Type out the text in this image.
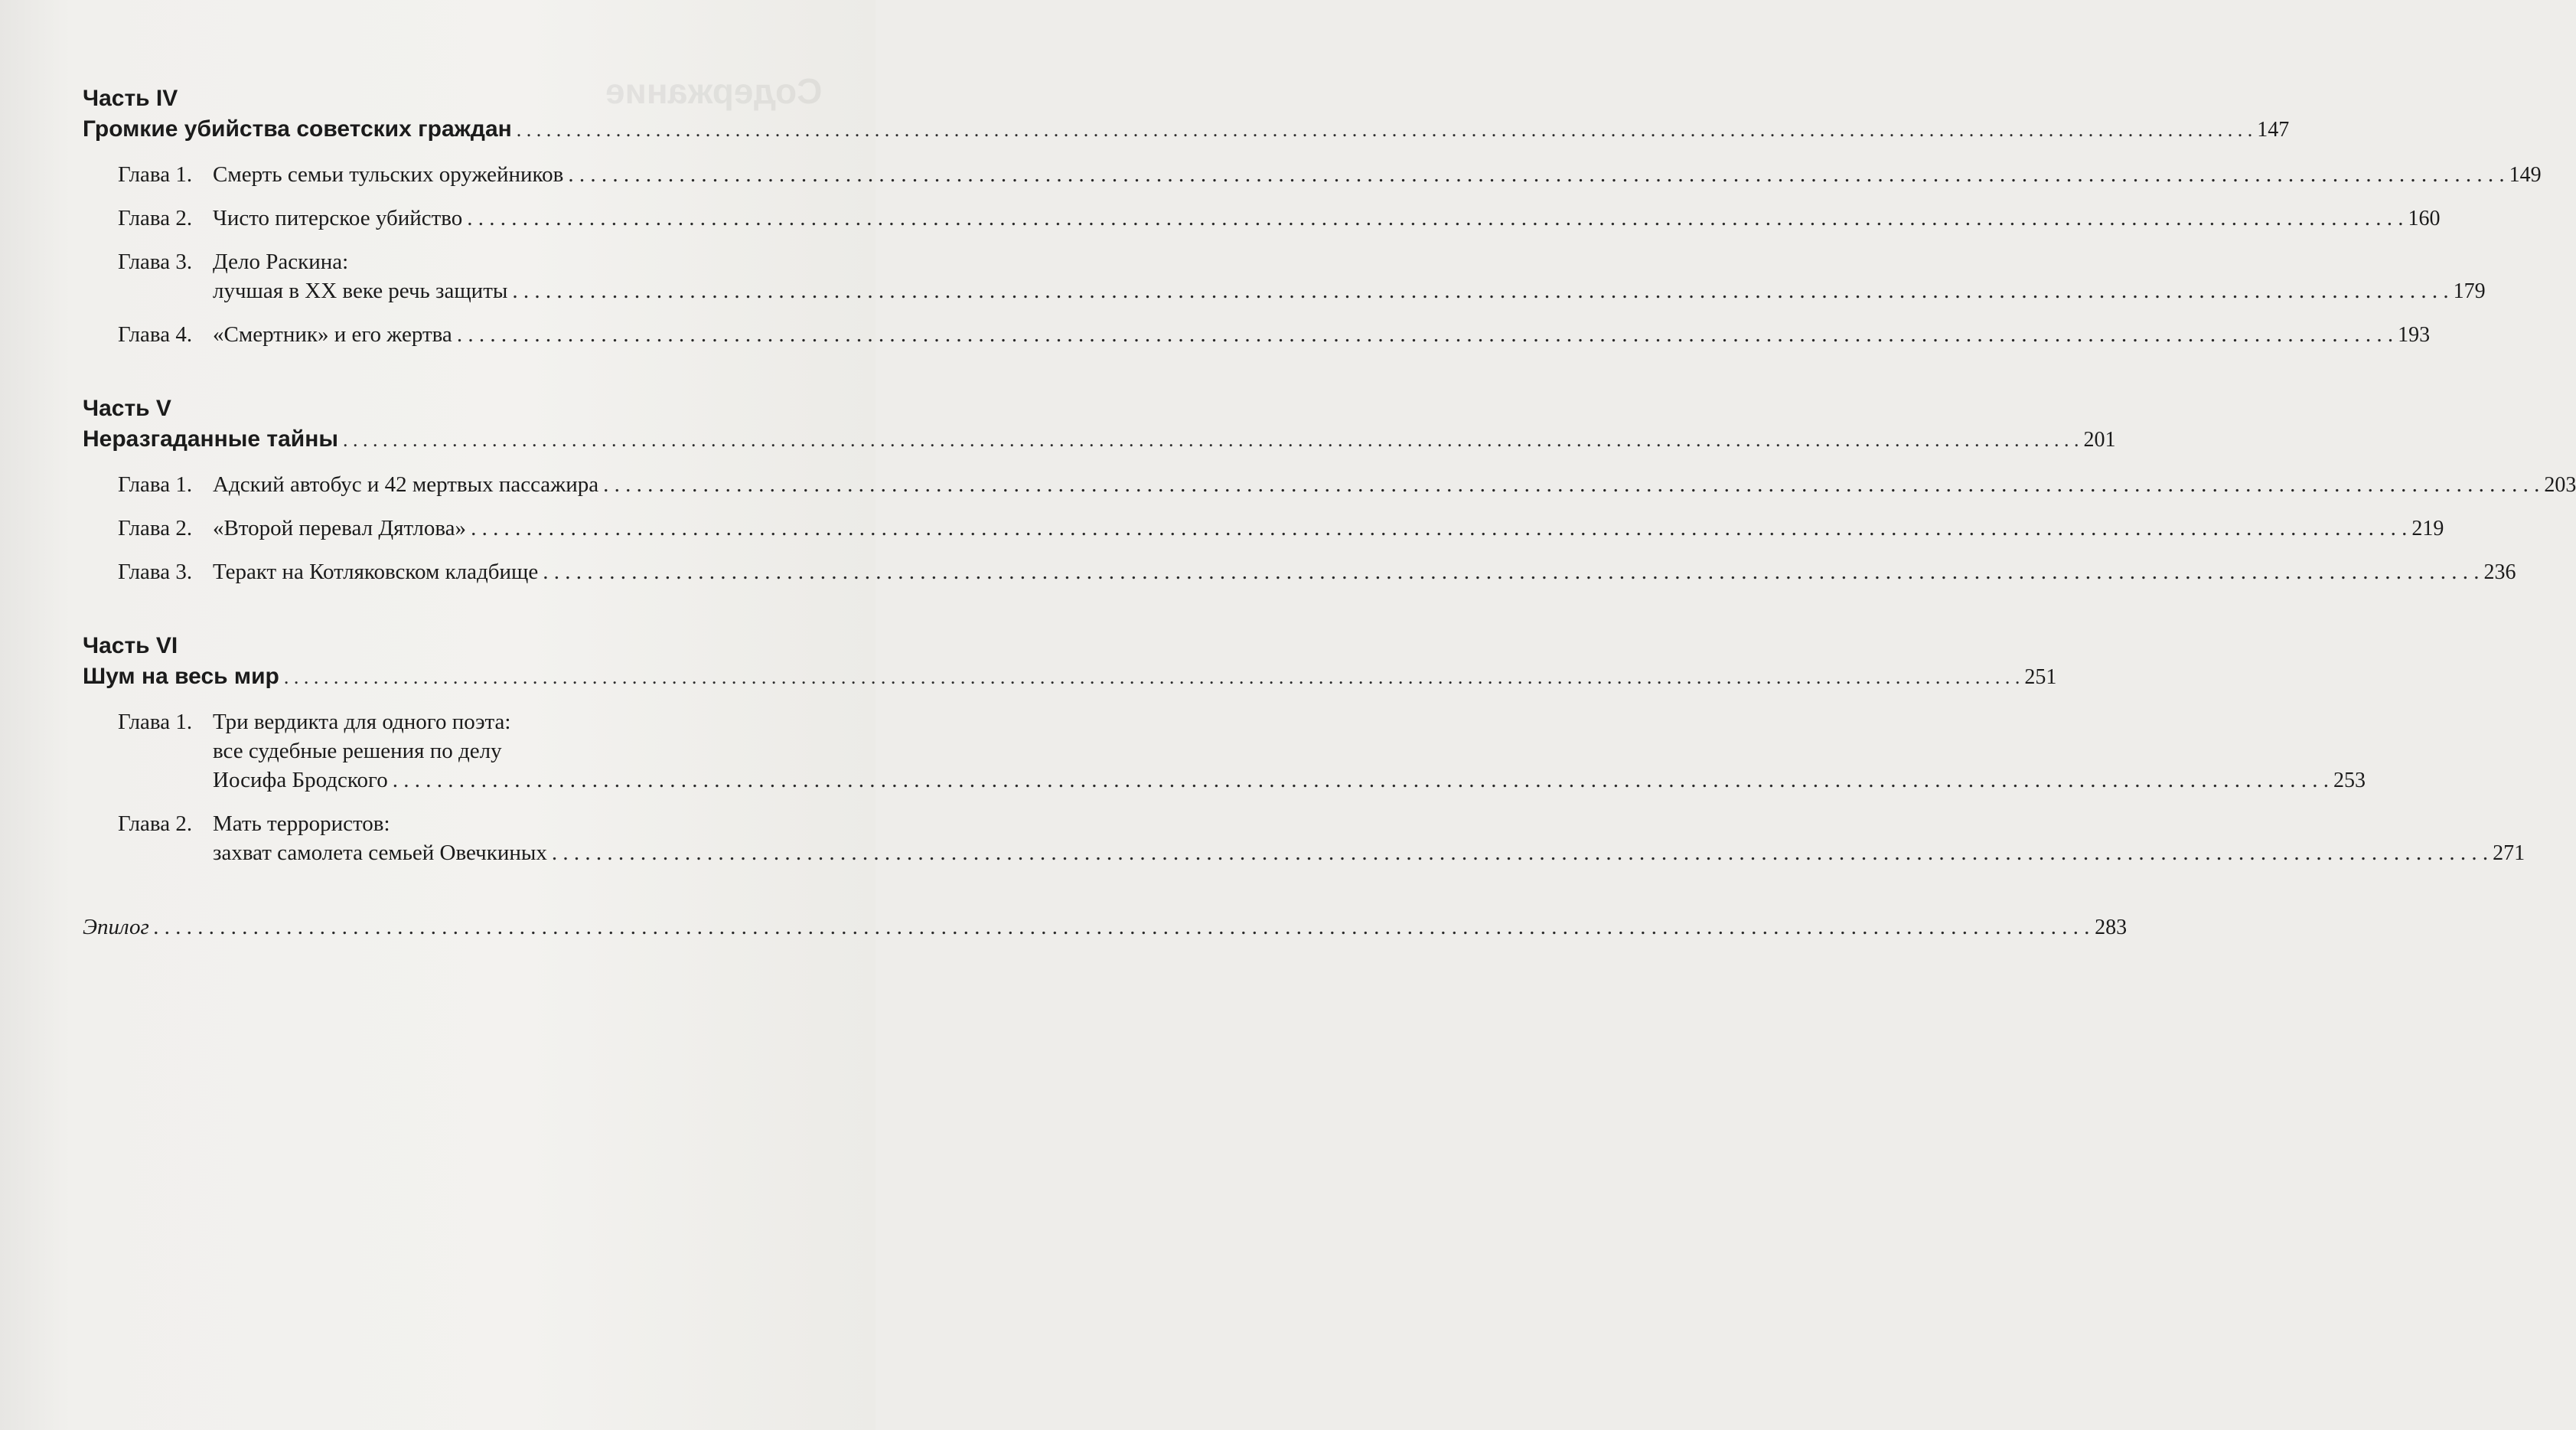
Содержание
Часть IV
Громкие убийства советских граждан . . .	147
Глава 1. Смерть семьи тульских оружейников . . .	149
Глава 2. Чисто питерское убийство . . .	160
Глава 3. Дело Раскина:
лучшая в XX веке речь защиты . . .	179
Глава 4. «Смертник» и его жертва . . .	193
Часть V
Неразгаданные тайны . . .	201
Глава 1. Адский автобус и 42 мертвых пассажира . . .	203
Глава 2. «Второй перевал Дятлова» . . .	219
Глава 3. Теракт на Котляковском кладбище . . .	236
Часть VI
Шум на весь мир . . .	251
Глава 1. Три вердикта для одного поэта:
все судебные решения по делу
Иосифа Бродского . . .	253
Глава 2. Мать террористов:
захват самолета семьей Овечкиных . . .	271
Эпилог . . .	283
